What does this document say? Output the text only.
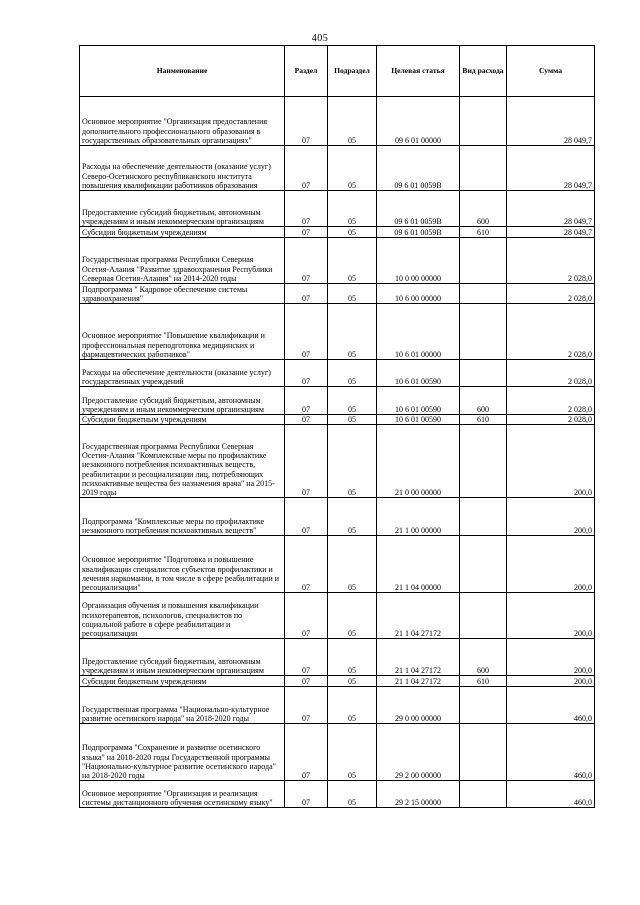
405
Наименование	Раздел	Подраздел	Целевая статья	Вид расхода	Сумма
Основное мероприятие "Организация предоставления дополнительного профессионального образования в государственных образовательных организациях"	07	05	09 6 01 00000		28 049,7
Расходы на обеспечение деятельности (оказание услуг) Северо-Осетинского республиканского института повышения квалификации работников образования	07	05	09 6 01 0059В		28 049,7
Предоставление субсидий бюджетным, автономным учреждениям и иным некоммерческим организациям	07	05	09 6 01 0059В	600	28 049,7
Субсидии бюджетным учреждениям	07	05	09 6 01 0059В	610	28 049,7
Государственная программа Республики Северная Осетия-Алания "Развитие здравоохранения Республики Северная Осетия-Алания" на 2014-2020 годы	07	05	10 0 00 00000		2 028,0
Подпрограмма " Кадровое обеспечение системы здравоохранения"	07	05	10 6 00 00000		2 028,0
Основное мероприятие "Повышение квалификации и профессиональная переподготовка медицинских и фармацевтических работников"	07	05	10 6 01 00000		2 028,0
Расходы на обеспечение деятельности (оказание услуг) государственных учреждений	07	05	10 6 01 00590		2 028,0
Предоставление субсидий бюджетным, автономным учреждениям и иным некоммерческим организациям	07	05	10 6 01 00590	600	2 028,0
Субсидии бюджетным учреждениям	07	05	10 6 01 00590	610	2 028,0
Государственная программа Республики Северная Осетия-Алания "Комплексные меры по профилактике незаконного потребления психоактивных веществ, реабилитации и ресоциализации лиц, потребляющих психоактивные вещества без назначения врача" на 2015-2019 годы	07	05	21 0 00 00000		200,0
Подпрограмма "Комплексные меры по профилактике незаконного потребления психоактивных веществ"	07	05	21 1 00 00000		200,0
Основное мероприятие "Подготовка и повышение квалификации специалистов субъектов профилактики и лечения наркомании, в том числе в сфере реабилитации и ресоциализации"	07	05	21 1 04 00000		200,0
Организация обучения и повышения квалификации психотерапевтов, психологов, специалистов по социальной работе в сфере реабилитации и ресоциализации	07	05	21 1 04 27172		200,0
Предоставление субсидий бюджетным, автономным учреждениям и иным некоммерческим организациям	07	05	21 1 04 27172	600	200,0
Субсидии бюджетным учреждениям	07	05	21 1 04 27172	610	200,0
Государственная программа "Национально-культурное развитие осетинского народа" на 2018-2020 годы	07	05	29 0 00 00000		460,0
Подпрограмма "Сохранение и развитие осетинского языка" на 2018-2020 годы Государственной программы "Национально-культурное развитие осетинского народа" на 2018-2020 годы	07	05	29 2 00 00000		460,0
Основное мероприятие "Организация и реализация системы дистанционного обучения осетинскому языку"	07	05	29 2 15 00000		460,0
